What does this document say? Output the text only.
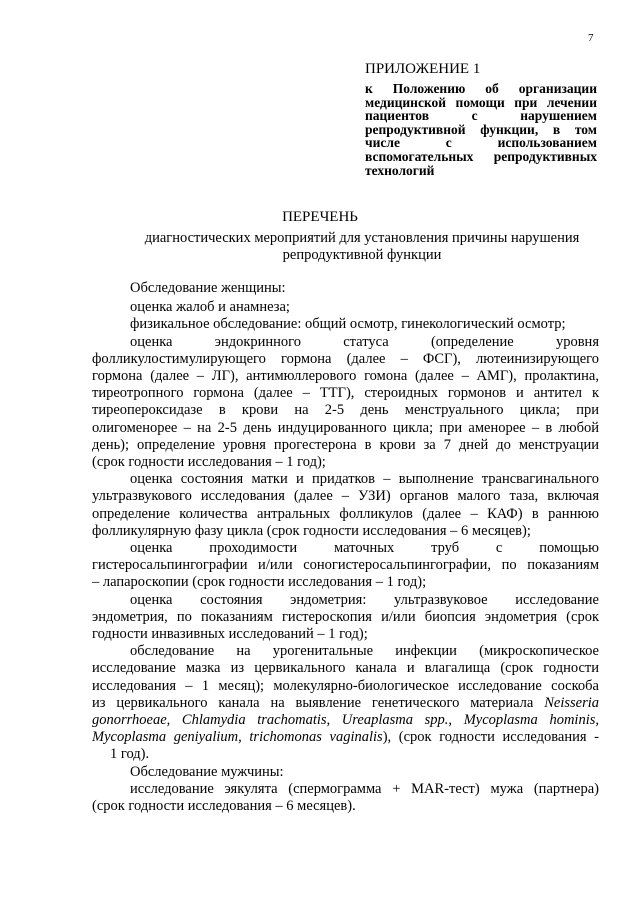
7
ПРИЛОЖЕНИЕ 1
к Положению об организации медицинской помощи при лечении пациентов с нарушением репродуктивной функции, в том числе с использованием вспомогательных репродуктивных технологий
ПЕРЕЧЕНЬ
диагностических мероприятий для установления причины нарушения
репродуктивной функции
Обследование женщины:
оценка жалоб и анамнеза;
физикальное обследование: общий осмотр, гинекологический осмотр;
оценка эндокринного статуса (определение уровня
фолликулостимулирующего гормона (далее – ФСГ), лютеинизирующего
гормона (далее – ЛГ), антимюллерового гомона (далее – АМГ), пролактина,
тиреотропного гормона (далее – ТТГ), стероидных гормонов и антител к
тиреопероксидазе в крови на 2-5 день менструального цикла; при
олигоменорее – на 2-5 день индуцированного цикла; при аменорее – в любой
день); определение уровня прогестерона в крови за 7 дней до менструации
(срок годности исследования – 1 год);
оценка состояния матки и придатков – выполнение трансвагинального
ультразвукового исследования (далее – УЗИ) органов малого таза, включая
определение количества антральных фолликулов (далее – КАФ) в раннюю
фолликулярную фазу цикла (срок годности исследования – 6 месяцев);
оценка проходимости маточных труб с помощью
гистеросальпингографии и/или соногистеросальпингографии, по показаниям
– лапароскопии (срок годности исследования – 1 год);
оценка состояния эндометрия: ультразвуковое исследование
эндометрия, по показаниям гистероскопия и/или биопсия эндометрия (срок
годности инвазивных исследований – 1 год);
обследование на урогенитальные инфекции (микроскопическое
исследование мазка из цервикального канала и влагалища (срок годности
исследования – 1 месяц); молекулярно-биологическое исследование соскоба
из цервикального канала на выявление генетического материала Neisseria
gonorrhoeae, Chlamydia trachomatis, Ureaplasma spp., Mycoplasma hominis,
Mycoplasma geniyalium, trichomonas vaginalis), (срок годности исследования -
1 год).
Обследование мужчины:
исследование эякулята (спермограмма + MAR-тест) мужа (партнера)
(срок годности исследования – 6 месяцев).
